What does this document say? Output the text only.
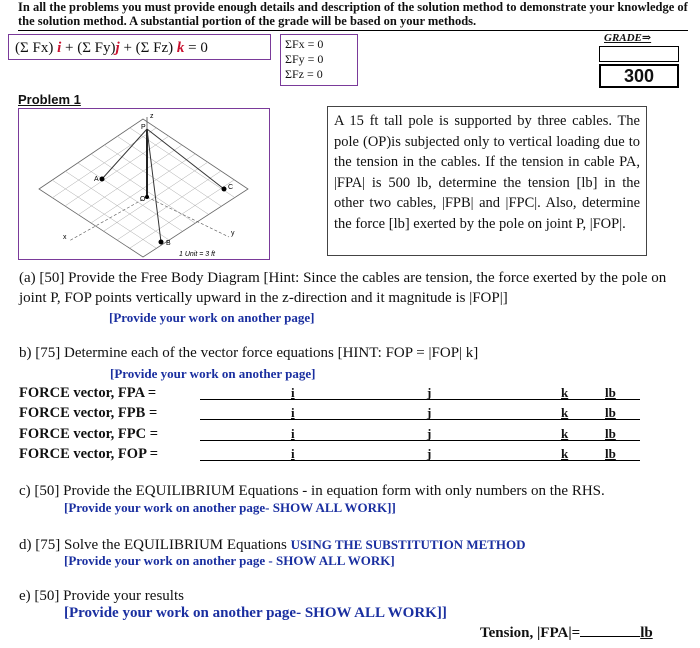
In all the problems you must provide enough details and description of the solution method to demonstrate your knowledge of the solution method. A substantial portion of the grade will be based on your methods.
(Σ Fx) i + (Σ Fy)j + (Σ Fz) k = 0	ΣFx = 0
ΣFy = 0
ΣFz = 0
GRADE⇒
300
Problem 1
z
P
A
O
C
B
x
y
1 Unit = 3 ft
A 15 ft tall pole is supported by three cables. The pole (OP)is subjected only to vertical loading due to the tension in the cables. If the tension in cable PA, |FPA| is 500 lb, determine the tension [lb] in the other two cables, |FPB| and |FPC|. Also, determine the force [lb] exerted by the pole on joint P, |FOP|.
(a) [50] Provide the Free Body Diagram [Hint: Since the cables are tension, the force exerted by the pole on joint P, FOP points vertically upward in the z-direction and it magnitude is |FOP|]
[Provide your work on another page]
b) [75] Determine each of the vector force equations [HINT: FOP = |FOP| k]
[Provide your work on another page]
FORCE vector, FPA =	i	j	k	lb
FORCE vector, FPB =	i	j	k	lb
FORCE vector, FPC =	i	j	k	lb
FORCE vector, FOP =	i	j	k	lb
c) [50] Provide the EQUILIBRIUM Equations - in equation form with only numbers on the RHS.
[Provide your work on another page- SHOW ALL WORK]]
d) [75] Solve the EQUILIBRIUM Equations USING THE SUBSTITUTION METHOD
[Provide your work on another page - SHOW ALL WORK]
e) [50] Provide your results
[Provide your work on another page- SHOW ALL WORK]]
Tension, |FPA|=	lb
